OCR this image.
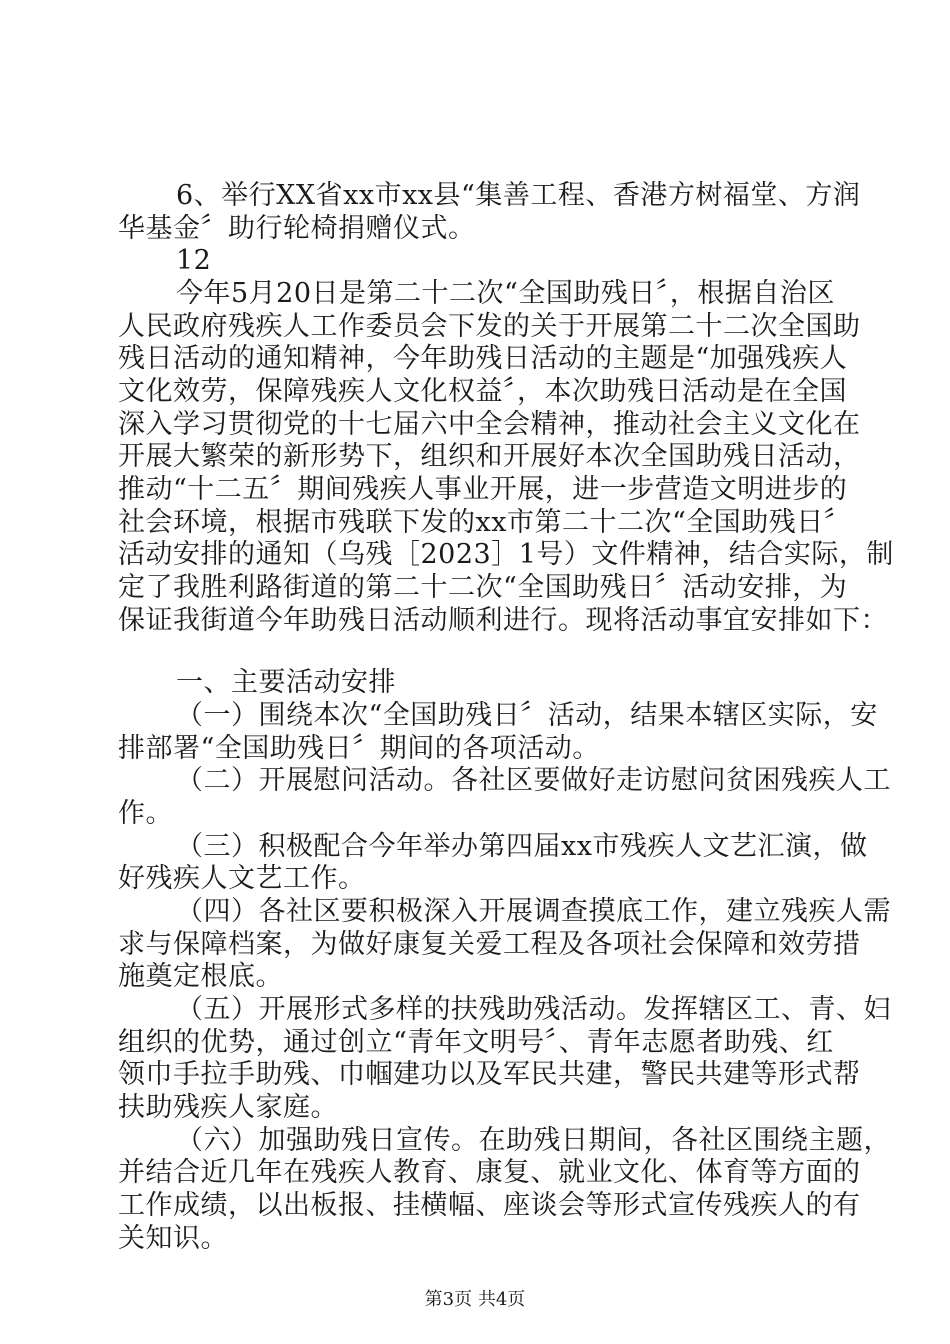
6、举行XX省xx市xx县“集善工程、香港方树福堂、方润
华基金〞助行轮椅捐赠仪式。
12
今年5月20日是第二十二次“全国助残日〞，根据自治区
人民政府残疾人工作委员会下发的关于开展第二十二次全国助
残日活动的通知精神，今年助残日活动的主题是“加强残疾人
文化效劳，保障残疾人文化权益〞，本次助残日活动是在全国
深入学习贯彻党的十七届六中全会精神，推动社会主义文化在
开展大繁荣的新形势下，组织和开展好本次全国助残日活动，
推动“十二五〞期间残疾人事业开展，进一步营造文明进步的
社会环境，根据市残联下发的xx市第二十二次“全国助残日〞
活动安排的通知（乌残［2023］1号）文件精神，结合实际，制
定了我胜利路街道的第二十二次“全国助残日〞活动安排，为
保证我街道今年助残日活动顺利进行。现将活动事宜安排如下：
一、主要活动安排
（一）围绕本次“全国助残日〞活动，结果本辖区实际，安
排部署“全国助残日〞期间的各项活动。
（二）开展慰问活动。各社区要做好走访慰问贫困残疾人工
作。
（三）积极配合今年举办第四届xx市残疾人文艺汇演，做
好残疾人文艺工作。
（四）各社区要积极深入开展调查摸底工作，建立残疾人需
求与保障档案，为做好康复关爱工程及各项社会保障和效劳措
施奠定根底。
（五）开展形式多样的扶残助残活动。发挥辖区工、青、妇
组织的优势，通过创立“青年文明号〞、青年志愿者助残、红
领巾手拉手助残、巾帼建功以及军民共建，警民共建等形式帮
扶助残疾人家庭。
（六）加强助残日宣传。在助残日期间，各社区围绕主题，
并结合近几年在残疾人教育、康复、就业文化、体育等方面的
工作成绩，以出板报、挂横幅、座谈会等形式宣传残疾人的有
关知识。
第3页 共4页
